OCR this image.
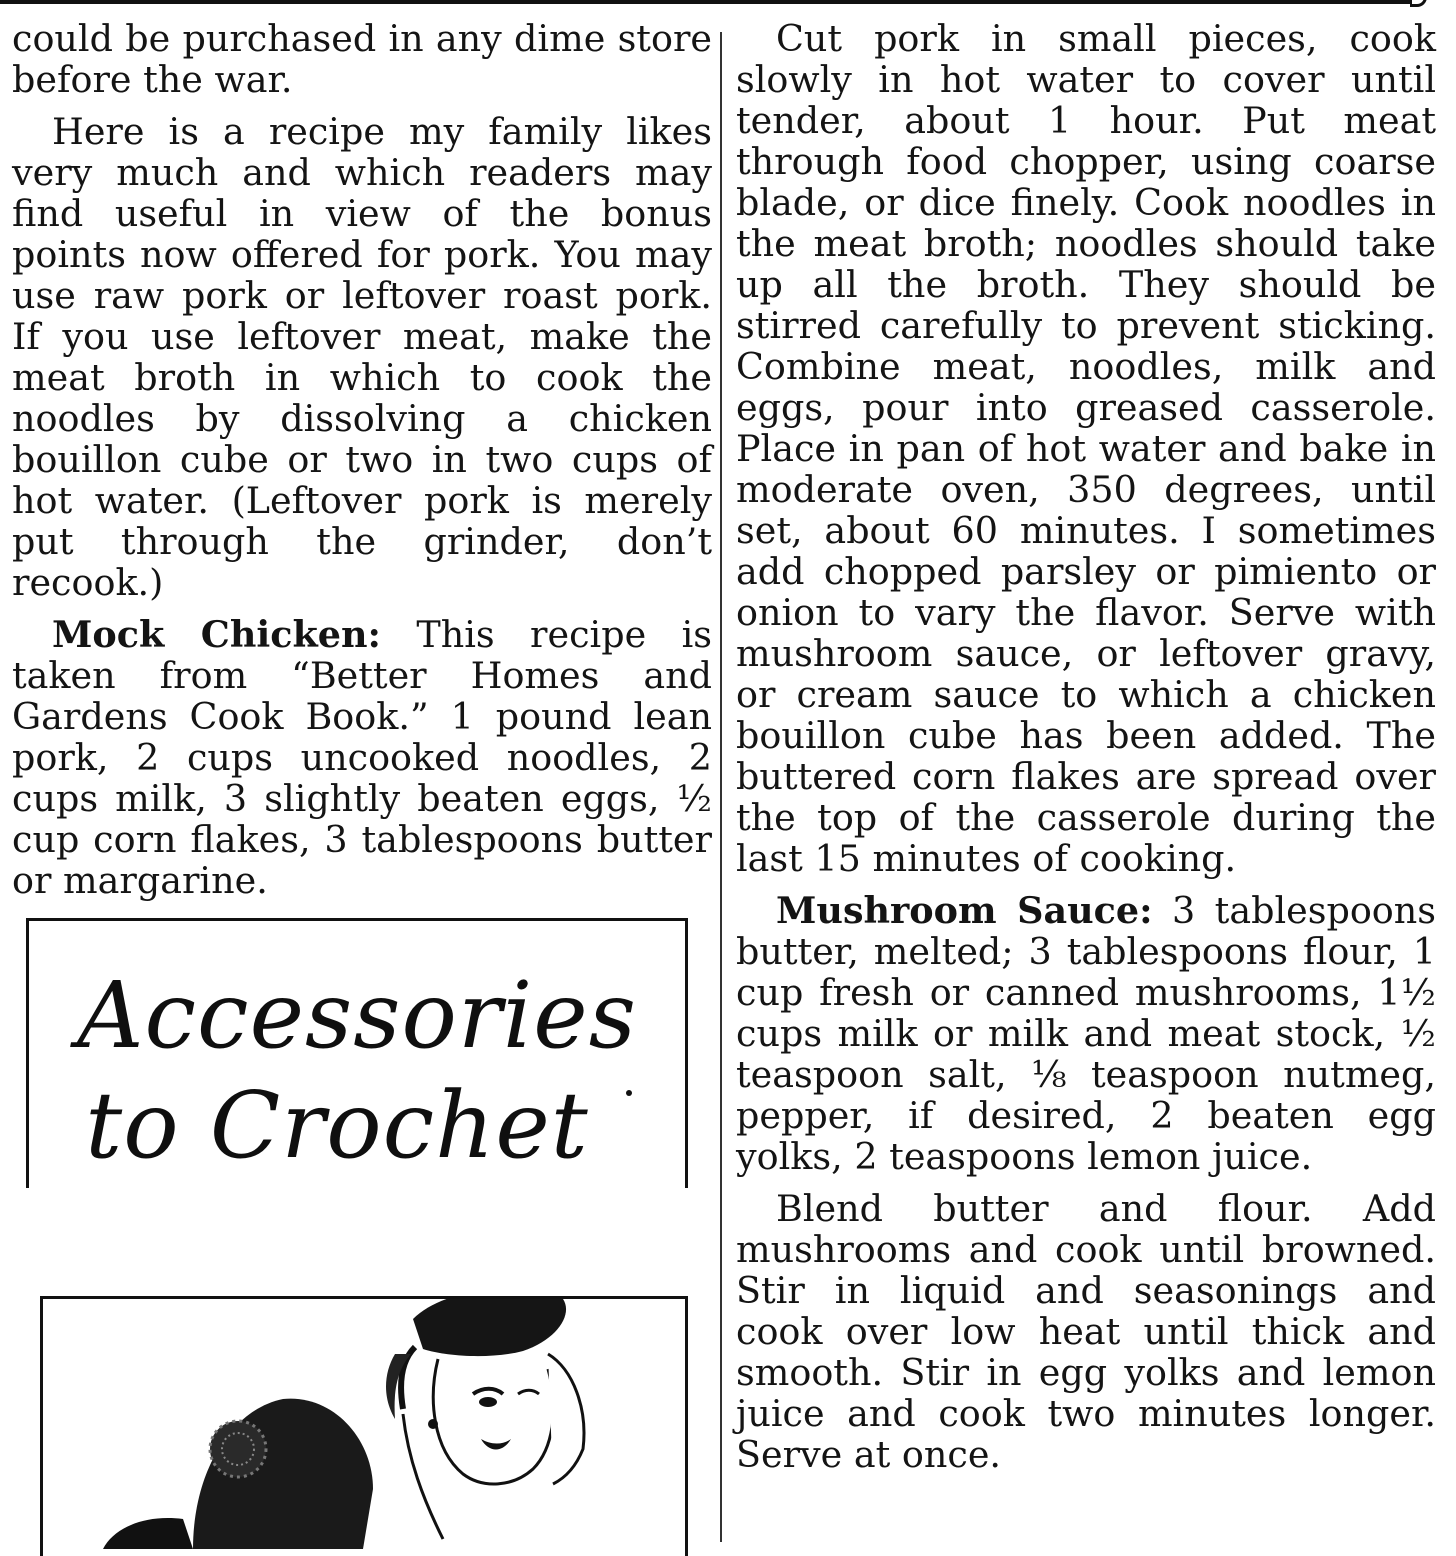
could be purchased in any dime store before the war.

Here is a recipe my family likes very much and which readers may find useful in view of the bonus points now offered for pork. You may use raw pork or leftover roast pork. If you use leftover meat, make the meat broth in which to cook the noodles by dissolving a chicken bouillon cube or two in two cups of hot water. (Leftover pork is merely put through the grinder, don’t recook.)

Mock Chicken: This recipe is taken from “Better Homes and Gardens Cook Book.” 1 pound lean pork, 2 cups uncooked noodles, 2 cups milk, 3 slightly beaten eggs, ½ cup corn flakes, 3 tablespoons butter or margarine.

Cut pork in small pieces, cook slowly in hot water to cover until tender, about 1 hour. Put meat through food chopper, using coarse blade, or dice finely. Cook noodles in the meat broth; noodles should take up all the broth. They should be stirred carefully to prevent sticking. Combine meat, noodles, milk and eggs, pour into greased casserole. Place in pan of hot water and bake in moderate oven, 350 degrees, until set, about 60 minutes. I sometimes add chopped parsley or pimiento or onion to vary the flavor. Serve with mushroom sauce, or leftover gravy, or cream sauce to which a chicken bouillon cube has been added. The buttered corn flakes are spread over the top of the casserole during the last 15 minutes of cooking.

Mushroom Sauce: 3 tablespoons butter, melted; 3 tablespoons flour, 1 cup fresh or canned mushrooms, 1½ cups milk or milk and meat stock, ½ teaspoon salt, ⅛ teaspoon nutmeg, pepper, if desired, 2 beaten egg yolks, 2 teaspoons lemon juice.

Blend butter and flour. Add mushrooms and cook until browned. Stir in liquid and seasonings and cook over low heat until thick and smooth. Stir in egg yolks and lemon juice and cook two minutes longer. Serve at once.

Accessories
to Crochet
